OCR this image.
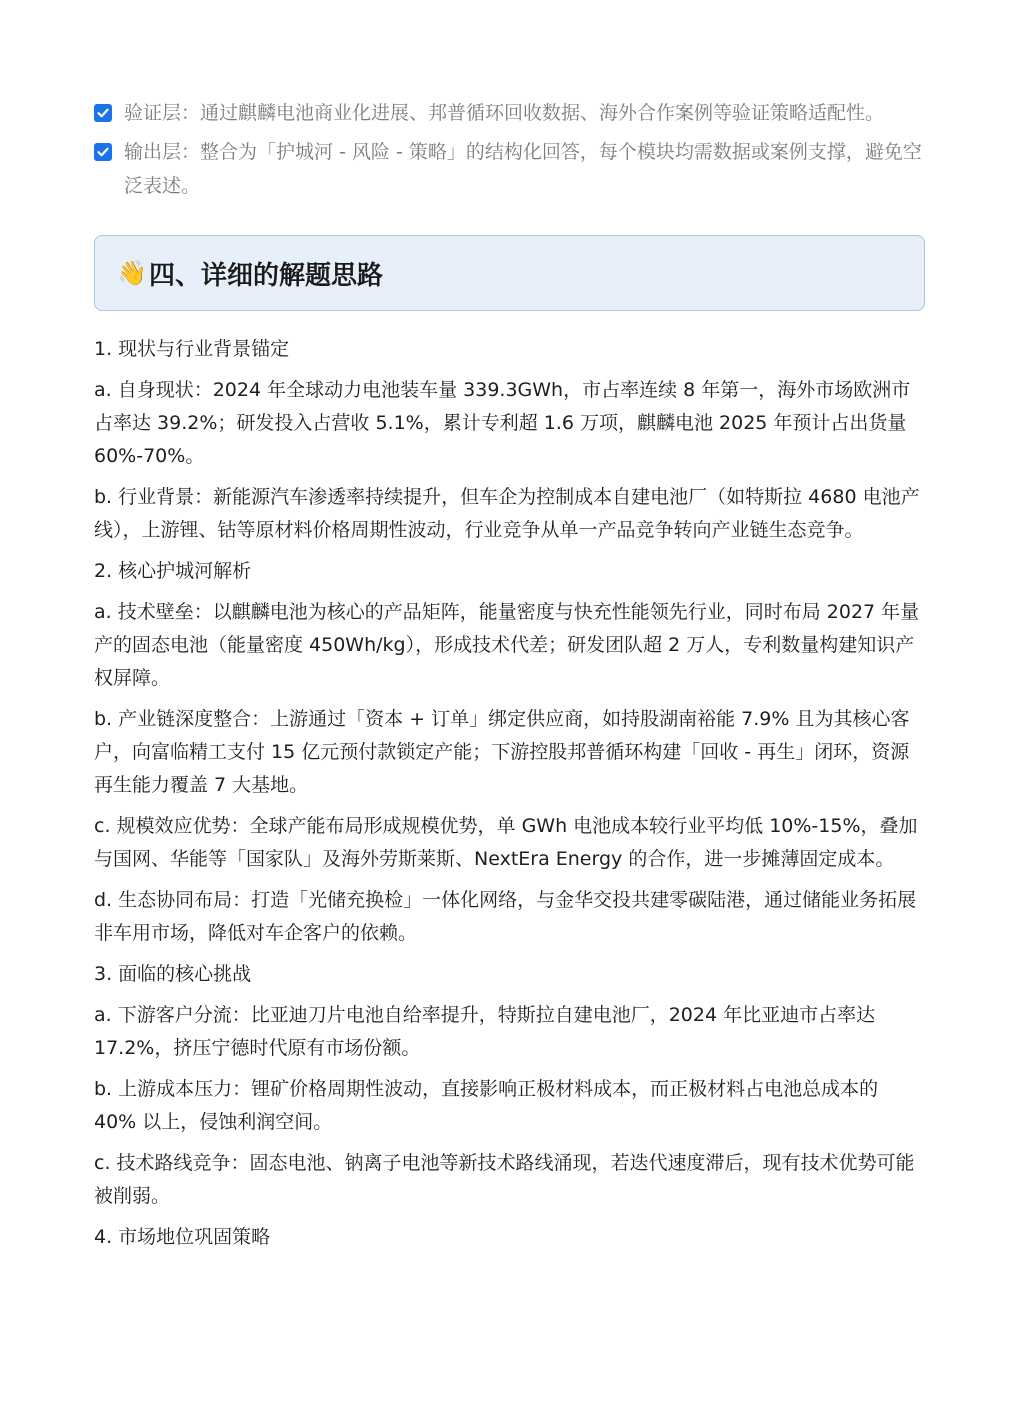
验证层：通过麒麟电池商业化进展、邦普循环回收数据、海外合作案例等验证策略适配性。
输出层：整合为「护城河 - 风险 - 策略」的结构化回答，每个模块均需数据或案例支撑，避免空泛表述。
👋 四、详细的解题思路

1. 现状与行业背景锚定

a. 自身现状：2024 年全球动力电池装车量 339.3GWh，市占率连续 8 年第一，海外市场欧洲市占率达 39.2%；研发投入占营收 5.1%，累计专利超 1.6 万项，麒麟电池 2025 年预计占出货量 60%-70%。

b. 行业背景：新能源汽车渗透率持续提升，但车企为控制成本自建电池厂（如特斯拉 4680 电池产线），上游锂、钴等原材料价格周期性波动，行业竞争从单一产品竞争转向产业链生态竞争。

2. 核心护城河解析

a. 技术壁垒：以麒麟电池为核心的产品矩阵，能量密度与快充性能领先行业，同时布局 2027 年量产的固态电池（能量密度 450Wh/kg），形成技术代差；研发团队超 2 万人，专利数量构建知识产权屏障。

b. 产业链深度整合：上游通过「资本 + 订单」绑定供应商，如持股湖南裕能 7.9% 且为其核心客户，向富临精工支付 15 亿元预付款锁定产能；下游控股邦普循环构建「回收 - 再生」闭环，资源再生能力覆盖 7 大基地。

c. 规模效应优势：全球产能布局形成规模优势，单 GWh 电池成本较行业平均低 10%-15%，叠加与国网、华能等「国家队」及海外劳斯莱斯、NextEra Energy 的合作，进一步摊薄固定成本。

d. 生态协同布局：打造「光储充换检」一体化网络，与金华交投共建零碳陆港，通过储能业务拓展非车用市场，降低对车企客户的依赖。

3. 面临的核心挑战

a. 下游客户分流：比亚迪刀片电池自给率提升，特斯拉自建电池厂，2024 年比亚迪市占率达 17.2%，挤压宁德时代原有市场份额。

b. 上游成本压力：锂矿价格周期性波动，直接影响正极材料成本，而正极材料占电池总成本的 40% 以上，侵蚀利润空间。

c. 技术路线竞争：固态电池、钠离子电池等新技术路线涌现，若迭代速度滞后，现有技术优势可能被削弱。

4. 市场地位巩固策略
